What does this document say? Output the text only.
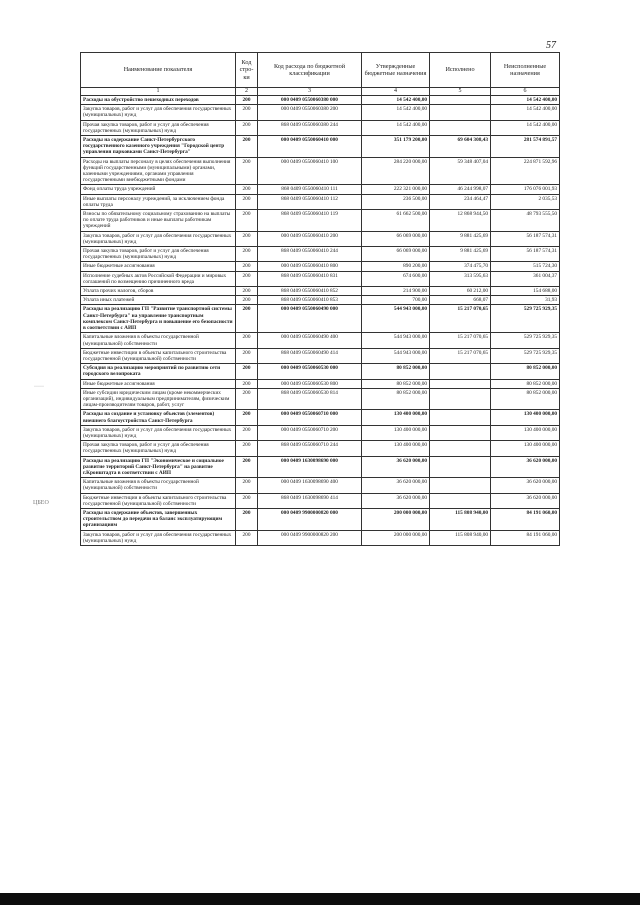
57
·····
ЦБЕО
Наименование показателя	Код стро-ки	Код расхода по бюджетной классификации	Утвержденные бюджетные назначения	Исполнено	Неисполненные назначения
1	2	3	4	5	6
Расходы на обустройство пешеходных переходов	200	000 0409 0550060380 000	14 542 400,00		14 542 400,00
Закупка товаров, работ и услуг для обеспечения государственных (муниципальных) нужд	200	000 0409 0550060380 200	14 542 400,00		14 542 400,00
Прочая закупка товаров, работ и услуг для обеспечения государственных (муниципальных) нужд	200	868 0409 0550060380 244	14 542 400,00		14 542 400,00
Расходы на содержание Санкт-Петербургского государственного казенного учреждения "Городской центр управления парковками Санкт-Петербурга"	200	000 0409 0550060410 000	351 179 200,00	69 604 308,43	281 574 891,57
Расходы на выплаты персоналу в целях обеспечения выполнения функций государственными (муниципальными) органами, казенными учреждениями, органами управления государственными внебюджетными фондами	200	000 0409 0550060410 100	284 220 000,00	59 348 407,04	224 871 592,96
Фонд оплаты труда учреждений	200	868 0409 0550060410 111	222 321 000,00	46 244 998,07	176 076 001,93
Иные выплаты персоналу учреждений, за исключением фонда оплаты труда	200	868 0409 0550060410 112	236 500,00	234 464,47	2 035,53
Взносы по обязательному социальному страхованию на выплаты по оплате труда работников и иные выплаты работникам учреждений	200	868 0409 0550060410 119	61 662 500,00	12 868 944,50	48 793 555,50
Закупка товаров, работ и услуг для обеспечения государственных (муниципальных) нужд	200	000 0409 0550060410 200	66 069 000,00	9 881 425,69	56 187 574,31
Прочая закупка товаров, работ и услуг для обеспечения государственных (муниципальных) нужд	200	868 0409 0550060410 244	66 069 000,00	9 881 425,69	56 187 574,31
Иные бюджетные ассигнования	200	000 0409 0550060410 800	890 200,00	374 475,70	515 724,30
Исполнение судебных актов Российской Федерации и мировых соглашений по возмещению причиненного вреда	200	868 0409 0550060410 831	674 600,00	313 595,63	361 004,37
Уплата прочих налогов, сборов	200	868 0409 0550060410 852	214 900,00	60 212,00	154 688,00
Уплата иных платежей	200	868 0409 0550060410 853	700,00	668,07	31,93
Расходы на реализацию ГП "Развитие транспортной системы Санкт-Петербурга" на управление транспортным комплексом Санкт-Петербурга и повышение его безопасности в соответствии с АИП	200	000 0409 0550060490 000	544 943 000,00	15 217 070,65	529 725 929,35
Капитальные вложения в объекты государственной (муниципальной) собственности	200	000 0409 0550060490 400	544 943 000,00	15 217 070,65	529 725 929,35
Бюджетные инвестиции в объекты капитального строительства государственной (муниципальной) собственности	200	868 0409 0550060490 414	544 943 000,00	15 217 070,65	529 725 929,35
Субсидия на реализацию мероприятий по развитию сети городского велопроката	200	000 0409 0550060530 000	80 852 000,00		80 852 000,00
Иные бюджетные ассигнования	200	000 0409 0550060530 800	80 852 000,00		80 852 000,00
Иные субсидии юридическим лицам (кроме некоммерческих организаций), индивидуальным предпринимателям, физическим лицам-производителям товаров, работ, услуг	200	868 0409 0550060530 814	80 852 000,00		80 852 000,00
Расходы на создание и установку объектов (элементов) внешнего благоустройства Санкт-Петербурга	200	000 0409 0550060710 000	130 400 000,00		130 400 000,00
Закупка товаров, работ и услуг для обеспечения государственных (муниципальных) нужд	200	000 0409 0550060710 200	130 400 000,00		130 400 000,00
Прочая закупка товаров, работ и услуг для обеспечения государственных (муниципальных) нужд	200	868 0409 0550060710 244	130 400 000,00		130 400 000,00
Расходы на реализацию ГП "Экономическое и социальное развитие территорий Санкт-Петербурга" на развитие г.Кронштадта в соответствии с АИП	200	000 0409 1630098690 000	36 620 000,00		36 620 000,00
Капитальные вложения в объекты государственной (муниципальной) собственности	200	000 0409 1630098690 400	36 620 000,00		36 620 000,00
Бюджетные инвестиции в объекты капитального строительства государственной (муниципальной) собственности	200	868 0409 1630098690 414	36 620 000,00		36 620 000,00
Расходы на содержание объектов, завершенных строительством до передачи на баланс эксплуатирующим организациям	200	000 0409 9900000820 000	200 000 000,00	115 808 940,00	84 191 060,00
Закупка товаров, работ и услуг для обеспечения государственных (муниципальных) нужд	200	000 0409 9900000820 200	200 000 000,00	115 808 940,00	84 191 060,00
